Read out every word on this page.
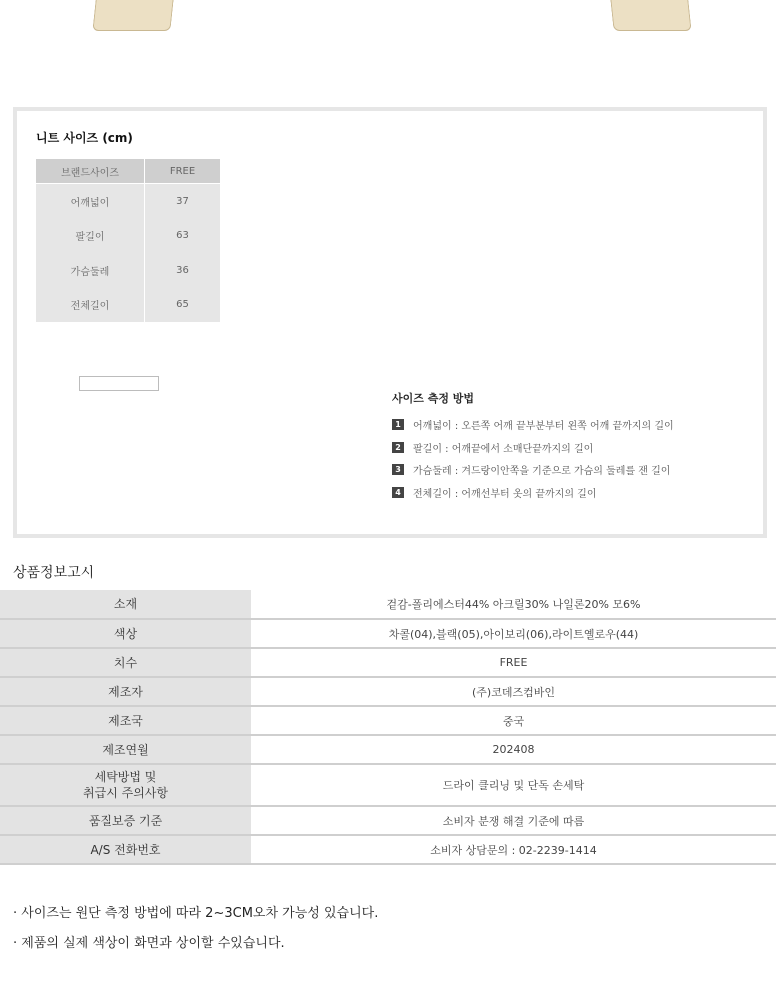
니트 사이즈 (cm)
브랜드사이즈	FREE
어깨넓이	37
팔길이	63
가슴둘레	36
전체길이	65
사이즈 측정 방법
1	어깨넓이 : 오른쪽 어깨 끝부분부터 왼쪽 어깨 끝까지의 길이
2	팔길이 : 어깨끝에서 소매단끝까지의 길이
3	가슴둘레 : 겨드랑이안쪽을 기준으로 가슴의 둘레를 잰 길이
4	전체길이 : 어깨선부터 옷의 끝까지의 길이
상품정보고시
소재	겉감-폴리에스터44% 아크릴30% 나일론20% 모6%
색상	차콜(04),블랙(05),아이보리(06),라이트옐로우(44)
치수	FREE
제조자	(주)코데즈컴바인
제조국	중국
제조연월	202408
세탁방법 및
취급시 주의사항	드라이 클리닝 및 단독 손세탁
품질보증 기준	소비자 분쟁 해결 기준에 따름
A/S 전화번호	소비자 상담문의 : 02-2239-1414
· 사이즈는 원단 측정 방법에 따라 2~3CM오차 가능성 있습니다.
· 제품의 실제 색상이 화면과 상이할 수있습니다.
